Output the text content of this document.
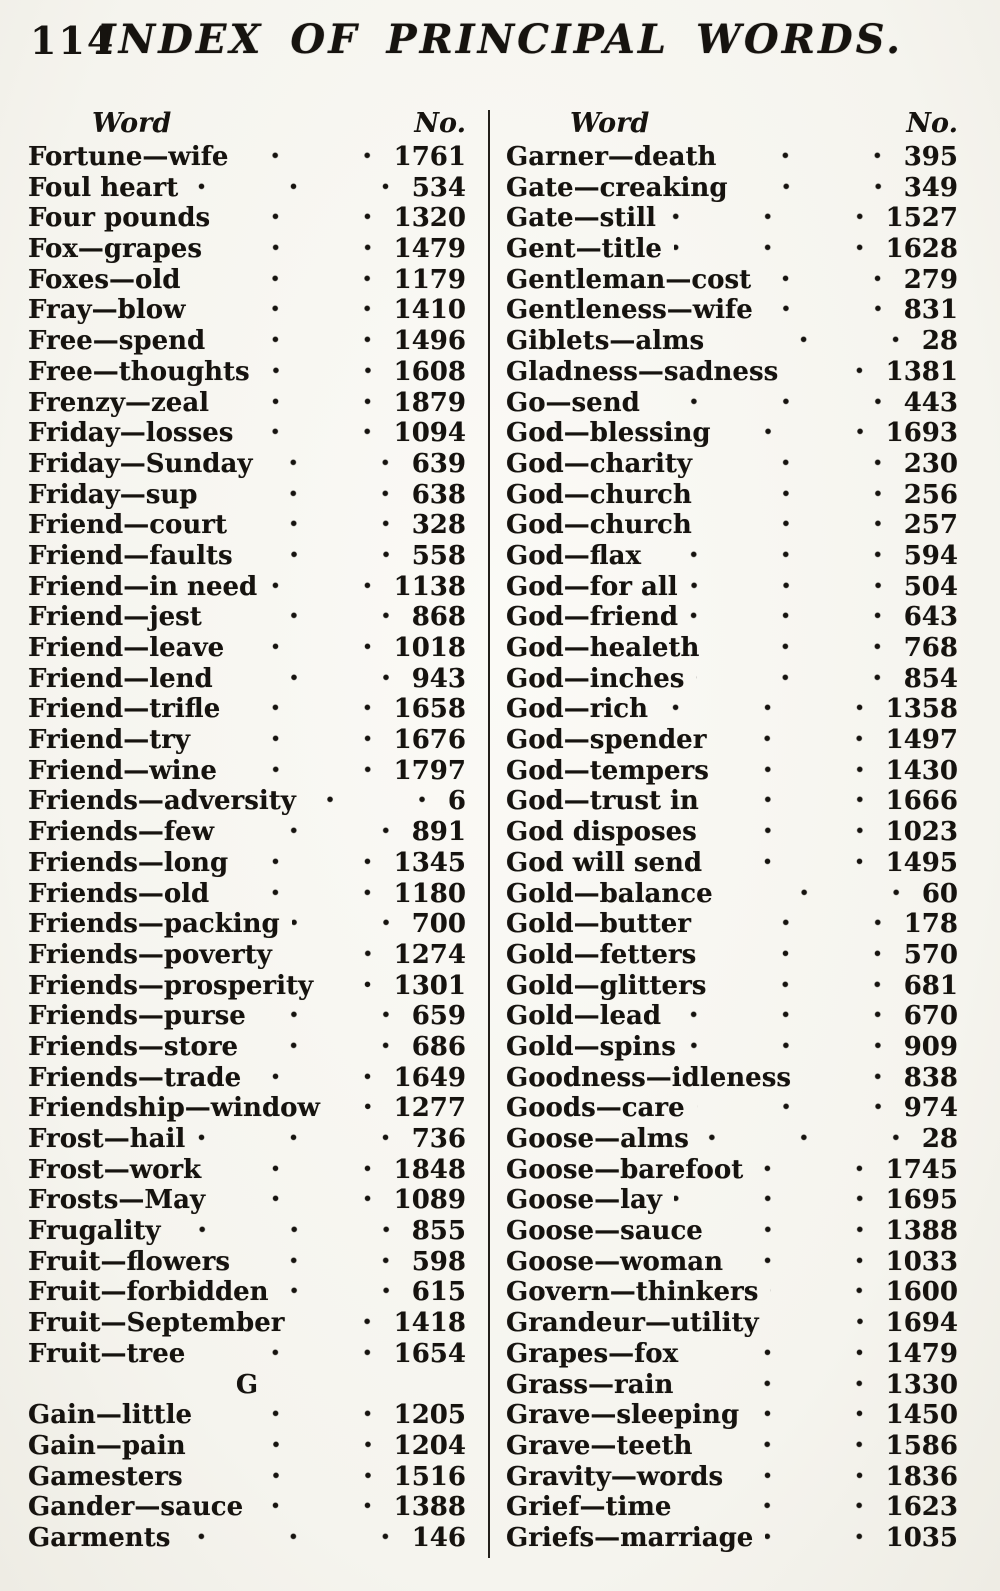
114
INDEX OF PRINCIPAL WORDS.
Word	No.
Fortune—wife	1761
Foul heart	534
Four pounds	1320
Fox—grapes	1479
Foxes—old	1179
Fray—blow	1410
Free—spend	1496
Free—thoughts	1608
Frenzy—zeal	1879
Friday—losses	1094
Friday—Sunday	639
Friday—sup	638
Friend—court	328
Friend—faults	558
Friend—in need	1138
Friend—jest	868
Friend—leave	1018
Friend—lend	943
Friend—trifle	1658
Friend—try	1676
Friend—wine	1797
Friends—adversity	6
Friends—few	891
Friends—long	1345
Friends—old	1180
Friends—packing	700
Friends—poverty	1274
Friends—prosperity	1301
Friends—purse	659
Friends—store	686
Friends—trade	1649
Friendship—window	1277
Frost—hail	736
Frost—work	1848
Frosts—May	1089
Frugality	855
Fruit—flowers	598
Fruit—forbidden	615
Fruit—September	1418
Fruit—tree	1654
G
Gain—little	1205
Gain—pain	1204
Gamesters	1516
Gander—sauce	1388
Garments	146
Word	No.
Garner—death	395
Gate—creaking	349
Gate—still	1527
Gent—title	1628
Gentleman—cost	279
Gentleness—wife	831
Giblets—alms	28
Gladness—sadness	1381
Go—send	443
God—blessing	1693
God—charity	230
God—church	256
God—church	257
God—flax	594
God—for all	504
God—friend	643
God—healeth	768
God—inches	854
God—rich	1358
God—spender	1497
God—tempers	1430
God—trust in	1666
God disposes	1023
God will send	1495
Gold—balance	60
Gold—butter	178
Gold—fetters	570
Gold—glitters	681
Gold—lead	670
Gold—spins	909
Goodness—idleness	838
Goods—care	974
Goose—alms	28
Goose—barefoot	1745
Goose—lay	1695
Goose—sauce	1388
Goose—woman	1033
Govern—thinkers	1600
Grandeur—utility	1694
Grapes—fox	1479
Grass—rain	1330
Grave—sleeping	1450
Grave—teeth	1586
Gravity—words	1836
Grief—time	1623
Griefs—marriage	1035
